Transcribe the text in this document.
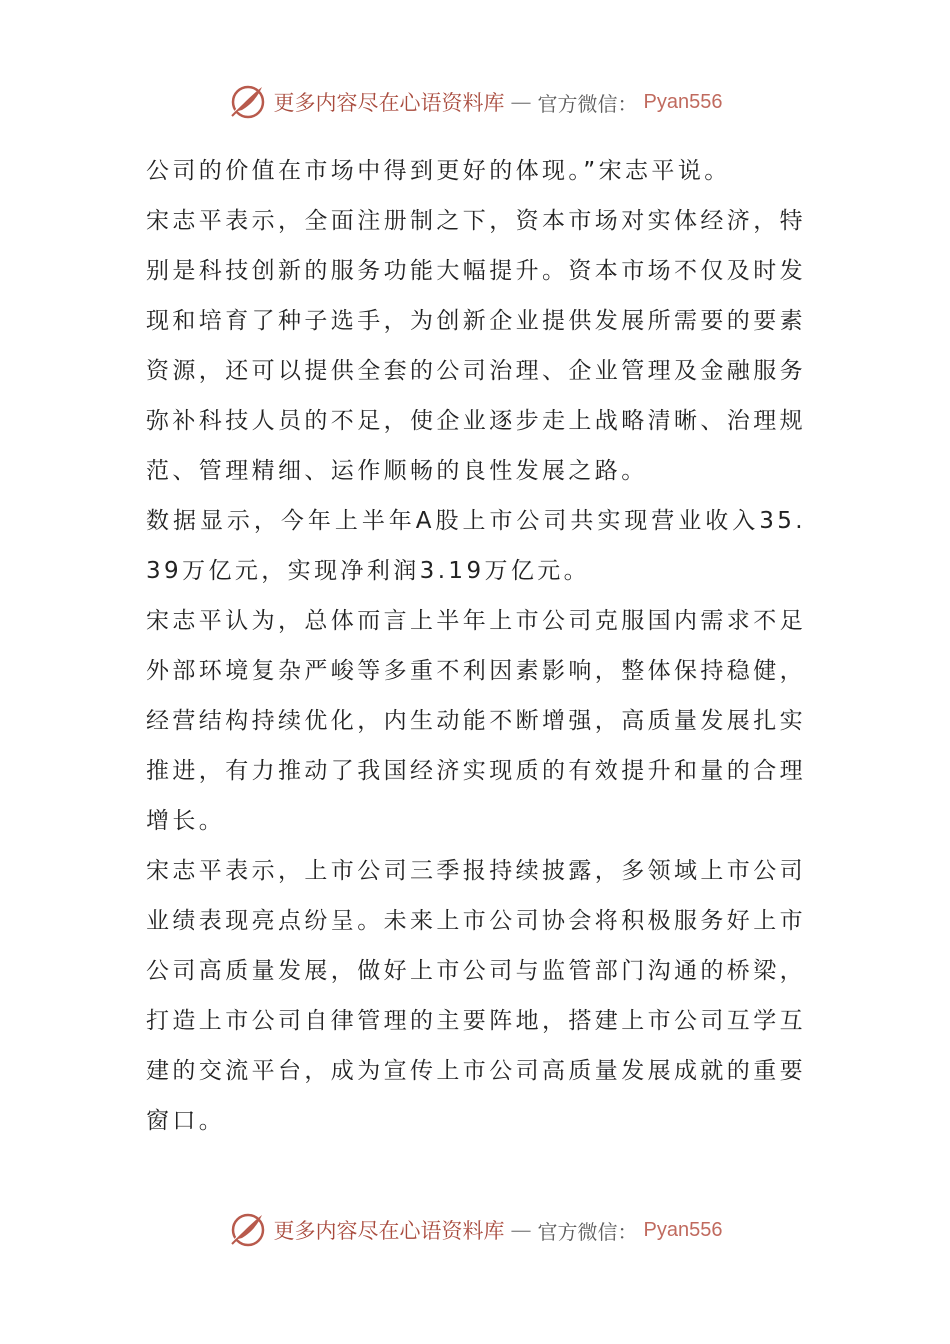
更多内容尽在心语资料库 — 官方微信： Pyan556

公司的价值在市场中得到更好的体现。”宋志平说。

宋志平表示，全面注册制之下，资本市场对实体经济，特别是科技创新的服务功能大幅提升。资本市场不仅及时发现和培育了种子选手，为创新企业提供发展所需要的要素资源，还可以提供全套的公司治理、企业管理及金融服务弥补科技人员的不足，使企业逐步走上战略清晰、治理规范、管理精细、运作顺畅的良性发展之路。

数据显示，今年上半年A股上市公司共实现营业收入35.39万亿元，实现净利润3.19万亿元。

宋志平认为，总体而言上半年上市公司克服国内需求不足外部环境复杂严峻等多重不利因素影响，整体保持稳健，经营结构持续优化，内生动能不断增强，高质量发展扎实推进，有力推动了我国经济实现质的有效提升和量的合理增长。

宋志平表示，上市公司三季报持续披露，多领域上市公司业绩表现亮点纷呈。未来上市公司协会将积极服务好上市公司高质量发展，做好上市公司与监管部门沟通的桥梁，打造上市公司自律管理的主要阵地，搭建上市公司互学互建的交流平台，成为宣传上市公司高质量发展成就的重要窗口。

更多内容尽在心语资料库 — 官方微信： Pyan556
